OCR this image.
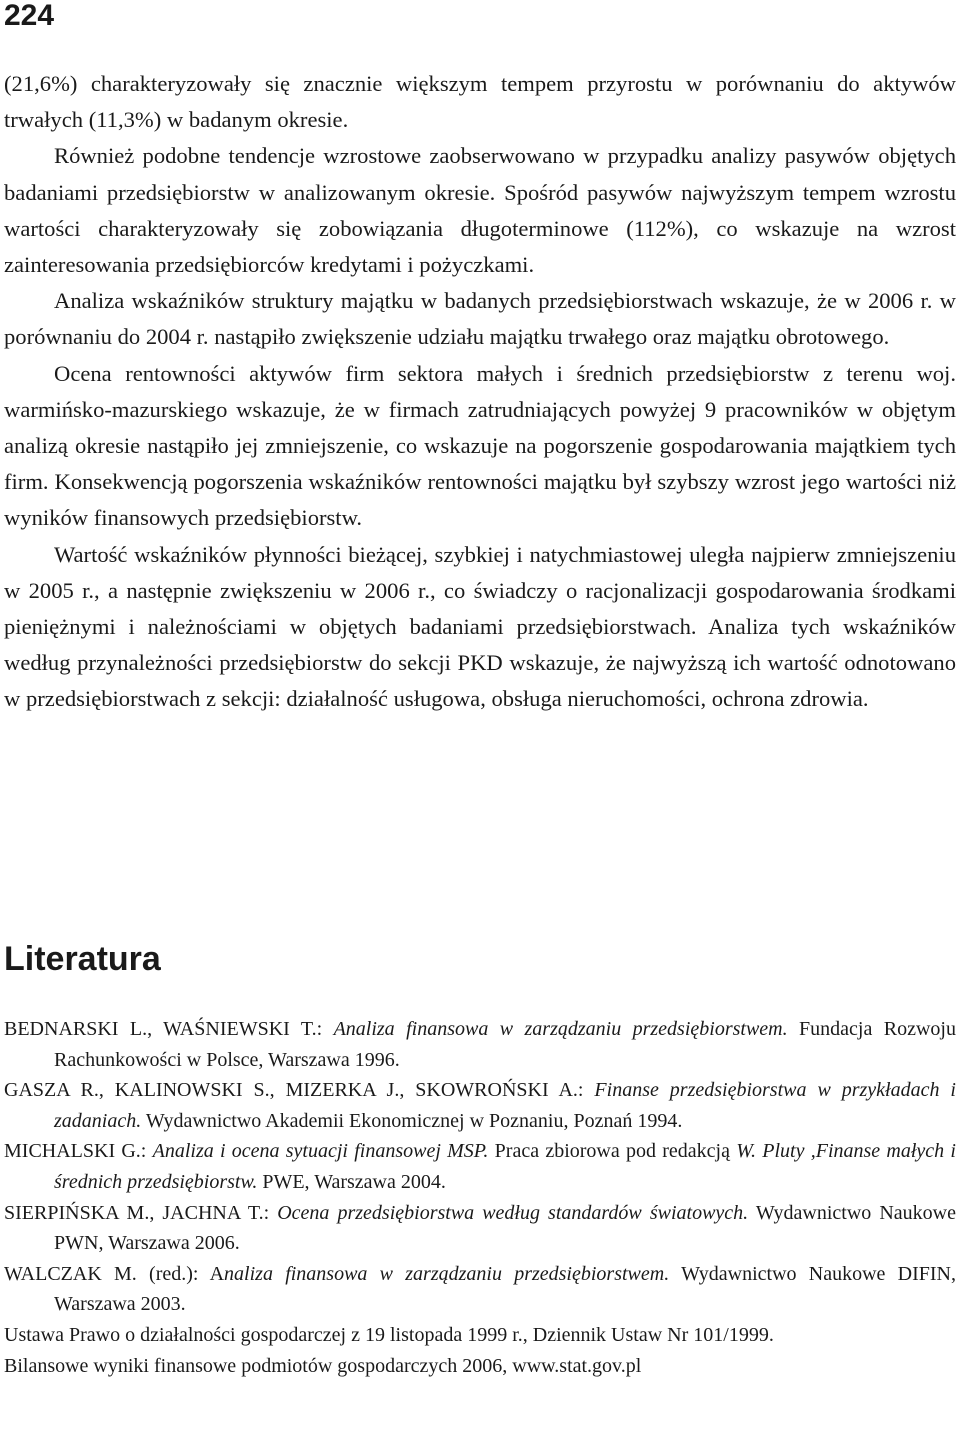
224

(21,6%) charakteryzowały się znacznie większym tempem przyrostu w porównaniu do aktywów trwałych (11,3%) w badanym okresie.

Również podobne tendencje wzrostowe zaobserwowano w przypadku analizy pasywów objętych badaniami przedsiębiorstw w analizowanym okresie. Spośród pasywów najwyższym tempem wzrostu wartości charakteryzowały się zobowiązania długoterminowe (112%), co wskazuje na wzrost zainteresowania przedsiębiorców kredytami i pożyczkami.

Analiza wskaźników struktury majątku w badanych przedsiębiorstwach wskazuje, że w 2006 r. w porównaniu do 2004 r. nastąpiło zwiększenie udziału majątku trwałego oraz majątku obrotowego.

Ocena rentowności aktywów firm sektora małych i średnich przedsiębiorstw z terenu woj. warmińsko-mazurskiego wskazuje, że w firmach zatrudniających powyżej 9 pracowników w objętym analizą okresie nastąpiło jej zmniejszenie, co wskazuje na pogorszenie gospodarowania majątkiem tych firm. Konsekwencją pogorszenia wskaźników rentowności majątku był szybszy wzrost jego wartości niż wyników finansowych przedsiębiorstw.

Wartość wskaźników płynności bieżącej, szybkiej i natychmiastowej uległa najpierw zmniejszeniu w 2005 r., a następnie zwiększeniu w 2006 r., co świadczy o racjonalizacji gospodarowania środkami pieniężnymi i należnościami w objętych badaniami przedsiębiorstwach. Analiza tych wskaźników według przynależności przedsiębiorstw do sekcji PKD wskazuje, że najwyższą ich wartość odnotowano w przedsiębiorstwach z sekcji: działalność usługowa, obsługa nieruchomości, ochrona zdrowia.

Literatura

BEDNARSKI L., WAŚNIEWSKI T.: Analiza finansowa w zarządzaniu przedsiębiorstwem. Fundacja Rozwoju Rachunkowości w Polsce, Warszawa 1996.

GASZA R., KALINOWSKI S., MIZERKA J., SKOWROŃSKI A.: Finanse przedsiębiorstwa w przykładach i zadaniach. Wydawnictwo Akademii Ekonomicznej w Poznaniu, Poznań 1994.

MICHALSKI G.: Analiza i ocena sytuacji finansowej MSP. Praca zbiorowa pod redakcją W. Pluty ,Finanse małych i średnich przedsiębiorstw. PWE, Warszawa 2004.

SIERPIŃSKA M., JACHNA T.: Ocena przedsiębiorstwa według standardów światowych. Wydawnictwo Naukowe PWN, Warszawa 2006.

WALCZAK M. (red.): Analiza finansowa w zarządzaniu przedsiębiorstwem. Wydawnictwo Naukowe DIFIN, Warszawa 2003.

Ustawa Prawo o działalności gospodarczej z 19 listopada 1999 r., Dziennik Ustaw Nr 101/1999.

Bilansowe wyniki finansowe podmiotów gospodarczych 2006, www.stat.gov.pl
